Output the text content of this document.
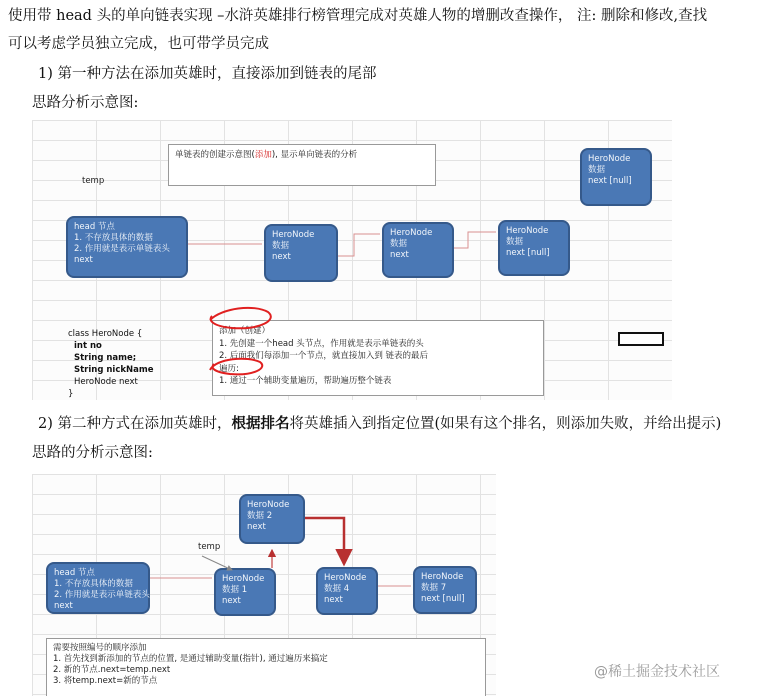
使用带 head 头的单向链表实现 –水浒英雄排行榜管理完成对英雄人物的增删改查操作， 注: 删除和修改,查找
可以考虑学员独立完成，也可带学员完成
1) 第一种方法在添加英雄时，直接添加到链表的尾部
思路分析示意图:
单链表的创建示意图(添加), 显示单向链表的分析	HeroNode
数据
next [null]
temp
head 节点
1. 不存放具体的数据
2. 作用就是表示单链表头
next
HeroNode
数据
next
HeroNode
数据
next
HeroNode
数据
next [null]
class HeroNode {
int no
String name;
String nickName
HeroNode next
}
添加（创建）
1. 先创建一个head 头节点，作用就是表示单链表的头
2. 后面我们每添加一个节点，就直接加入到 链表的最后
遍历:
1. 通过一个辅助变量遍历，帮助遍历整个链表
2) 第二种方式在添加英雄时，根据排名将英雄插入到指定位置(如果有这个排名，则添加失败，并给出提示)
思路的分析示意图:
HeroNode
数据 2
next
temp
head 节点
1. 不存放具体的数据
2. 作用就是表示单链表头
next
HeroNode
数据 1
next
HeroNode
数据 4
next
HeroNode
数据 7
next [null]
需要按照编号的顺序添加
1. 首先找到新添加的节点的位置, 是通过辅助变量(指针), 通过遍历来搞定
2. 新的节点.next=temp.next
3. 将temp.next=新的节点
@稀土掘金技术社区
